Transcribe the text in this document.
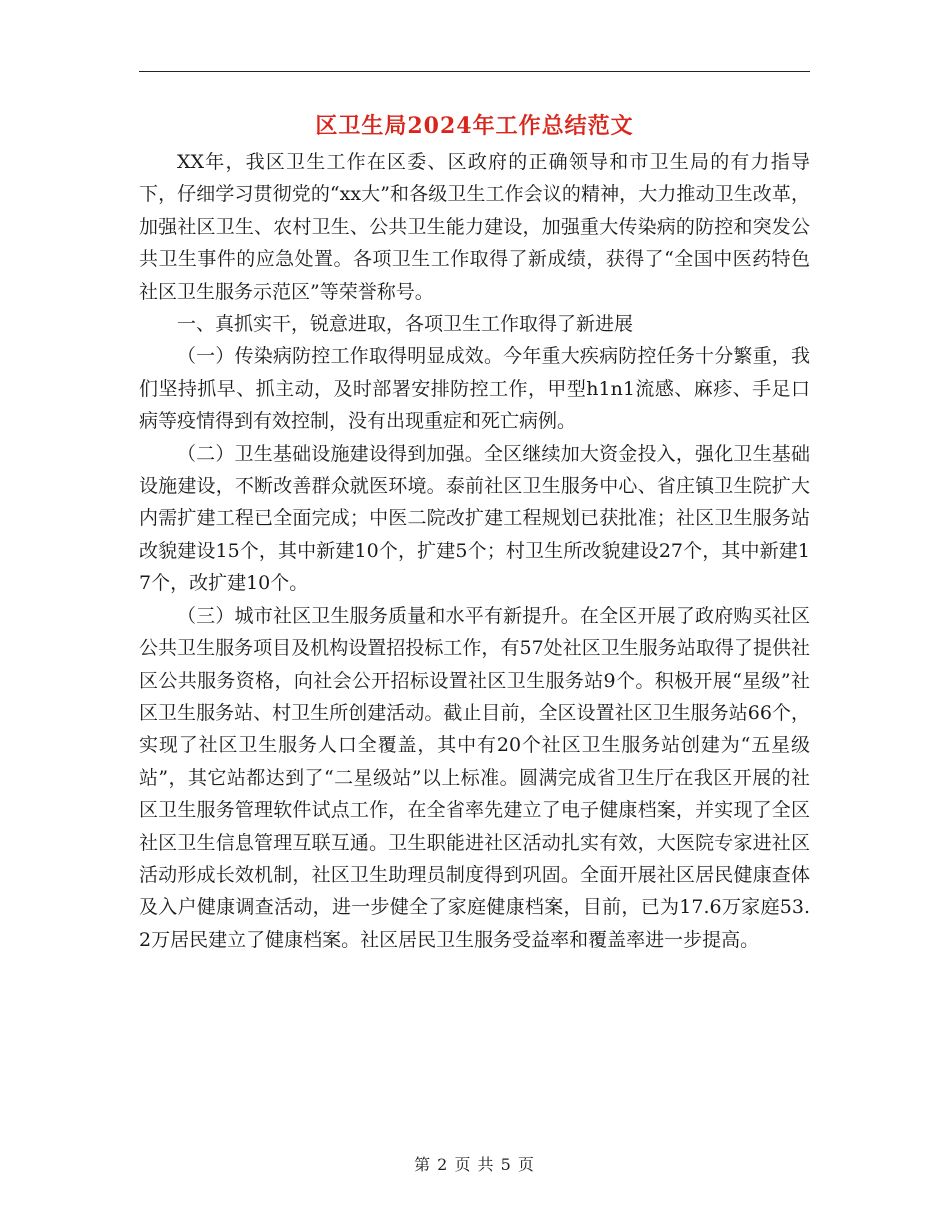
区卫生局2024年工作总结范文

XX年，我区卫生工作在区委、区政府的正确领导和市卫生局的有力指导下，仔细学习贯彻党的“xx大”和各级卫生工作会议的精神，大力推动卫生改革，加强社区卫生、农村卫生、公共卫生能力建设，加强重大传染病的防控和突发公共卫生事件的应急处置。各项卫生工作取得了新成绩，获得了“全国中医药特色社区卫生服务示范区”等荣誉称号。

一、真抓实干，锐意进取，各项卫生工作取得了新进展

（一）传染病防控工作取得明显成效。今年重大疾病防控任务十分繁重，我们坚持抓早、抓主动，及时部署安排防控工作，甲型h1n1流感、麻疹、手足口病等疫情得到有效控制，没有出现重症和死亡病例。

（二）卫生基础设施建设得到加强。全区继续加大资金投入，强化卫生基础设施建设，不断改善群众就医环境。泰前社区卫生服务中心、省庄镇卫生院扩大内需扩建工程已全面完成；中医二院改扩建工程规划已获批准；社区卫生服务站改貌建设15个，其中新建10个，扩建5个；村卫生所改貌建设27个，其中新建17个，改扩建10个。

（三）城市社区卫生服务质量和水平有新提升。在全区开展了政府购买社区公共卫生服务项目及机构设置招投标工作，有57处社区卫生服务站取得了提供社区公共服务资格，向社会公开招标设置社区卫生服务站9个。积极开展“星级”社区卫生服务站、村卫生所创建活动。截止目前，全区设置社区卫生服务站66个，实现了社区卫生服务人口全覆盖，其中有20个社区卫生服务站创建为“五星级站”，其它站都达到了“二星级站”以上标准。圆满完成省卫生厅在我区开展的社区卫生服务管理软件试点工作，在全省率先建立了电子健康档案，并实现了全区社区卫生信息管理互联互通。卫生职能进社区活动扎实有效，大医院专家进社区活动形成长效机制，社区卫生助理员制度得到巩固。全面开展社区居民健康查体及入户健康调查活动，进一步健全了家庭健康档案，目前，已为17.6万家庭53.2万居民建立了健康档案。社区居民卫生服务受益率和覆盖率进一步提高。

第 2 页 共 5 页
